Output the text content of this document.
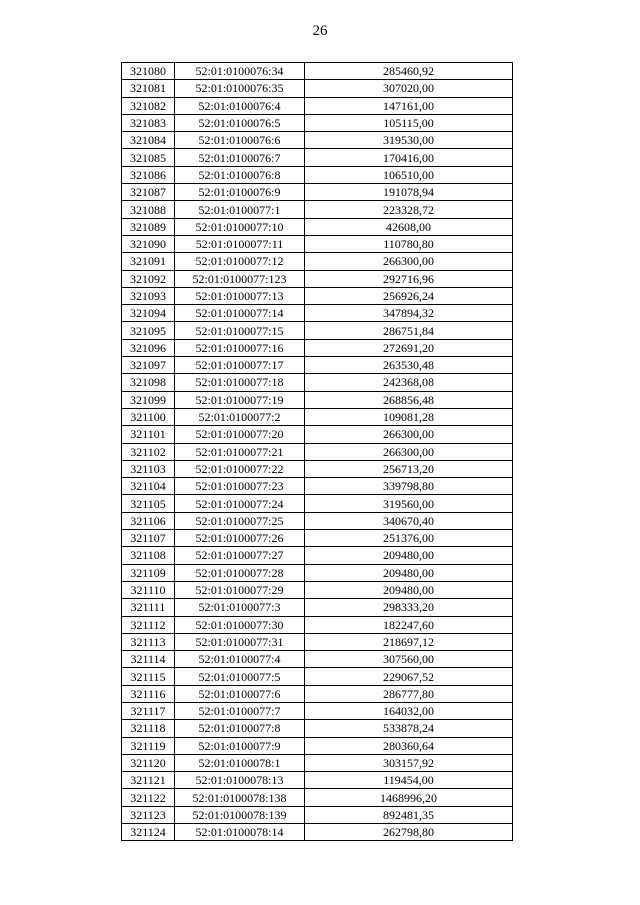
26
321080	52:01:0100076:34	285460,92
321081	52:01:0100076:35	307020,00
321082	52:01:0100076:4	147161,00
321083	52:01:0100076:5	105115,00
321084	52:01:0100076:6	319530,00
321085	52:01:0100076:7	170416,00
321086	52:01:0100076:8	106510,00
321087	52:01:0100076:9	191078,94
321088	52:01:0100077:1	223328,72
321089	52:01:0100077:10	42608,00
321090	52:01:0100077:11	110780,80
321091	52:01:0100077:12	266300,00
321092	52:01:0100077:123	292716,96
321093	52:01:0100077:13	256926,24
321094	52:01:0100077:14	347894,32
321095	52:01:0100077:15	286751,84
321096	52:01:0100077:16	272691,20
321097	52:01:0100077:17	263530,48
321098	52:01:0100077:18	242368,08
321099	52:01:0100077:19	268856,48
321100	52:01:0100077:2	109081,28
321101	52:01:0100077:20	266300,00
321102	52:01:0100077:21	266300,00
321103	52:01:0100077:22	256713,20
321104	52:01:0100077:23	339798,80
321105	52:01:0100077:24	319560,00
321106	52:01:0100077:25	340670,40
321107	52:01:0100077:26	251376,00
321108	52:01:0100077:27	209480,00
321109	52:01:0100077:28	209480,00
321110	52:01:0100077:29	209480,00
321111	52:01:0100077:3	298333,20
321112	52:01:0100077:30	182247,60
321113	52:01:0100077:31	218697,12
321114	52:01:0100077:4	307560,00
321115	52:01:0100077:5	229067,52
321116	52:01:0100077:6	286777,80
321117	52:01:0100077:7	164032,00
321118	52:01:0100077:8	533878,24
321119	52:01:0100077:9	280360,64
321120	52:01:0100078:1	303157,92
321121	52:01:0100078:13	119454,00
321122	52:01:0100078:138	1468996,20
321123	52:01:0100078:139	892481,35
321124	52:01:0100078:14	262798,80
